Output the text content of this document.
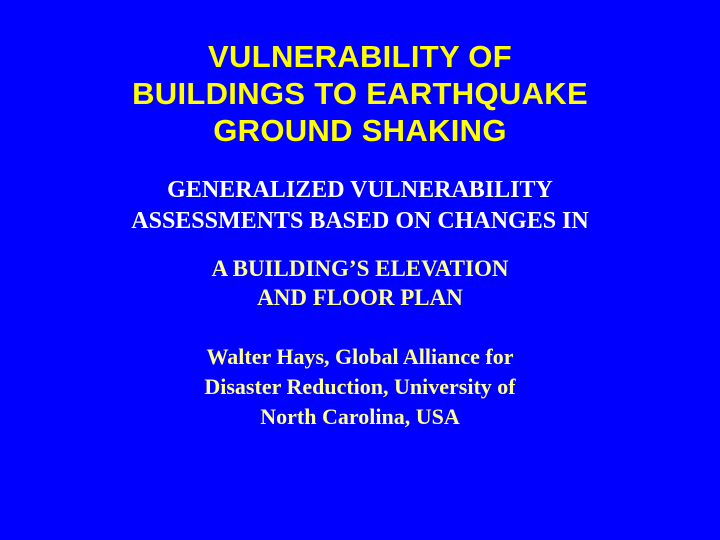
VULNERABILITY OF
BUILDINGS TO EARTHQUAKE
GROUND SHAKING
GENERALIZED VULNERABILITY
ASSESSMENTS BASED ON CHANGES IN
A BUILDING’S ELEVATION
AND FLOOR PLAN
Walter Hays, Global Alliance for
Disaster Reduction, University of
North Carolina, USA
